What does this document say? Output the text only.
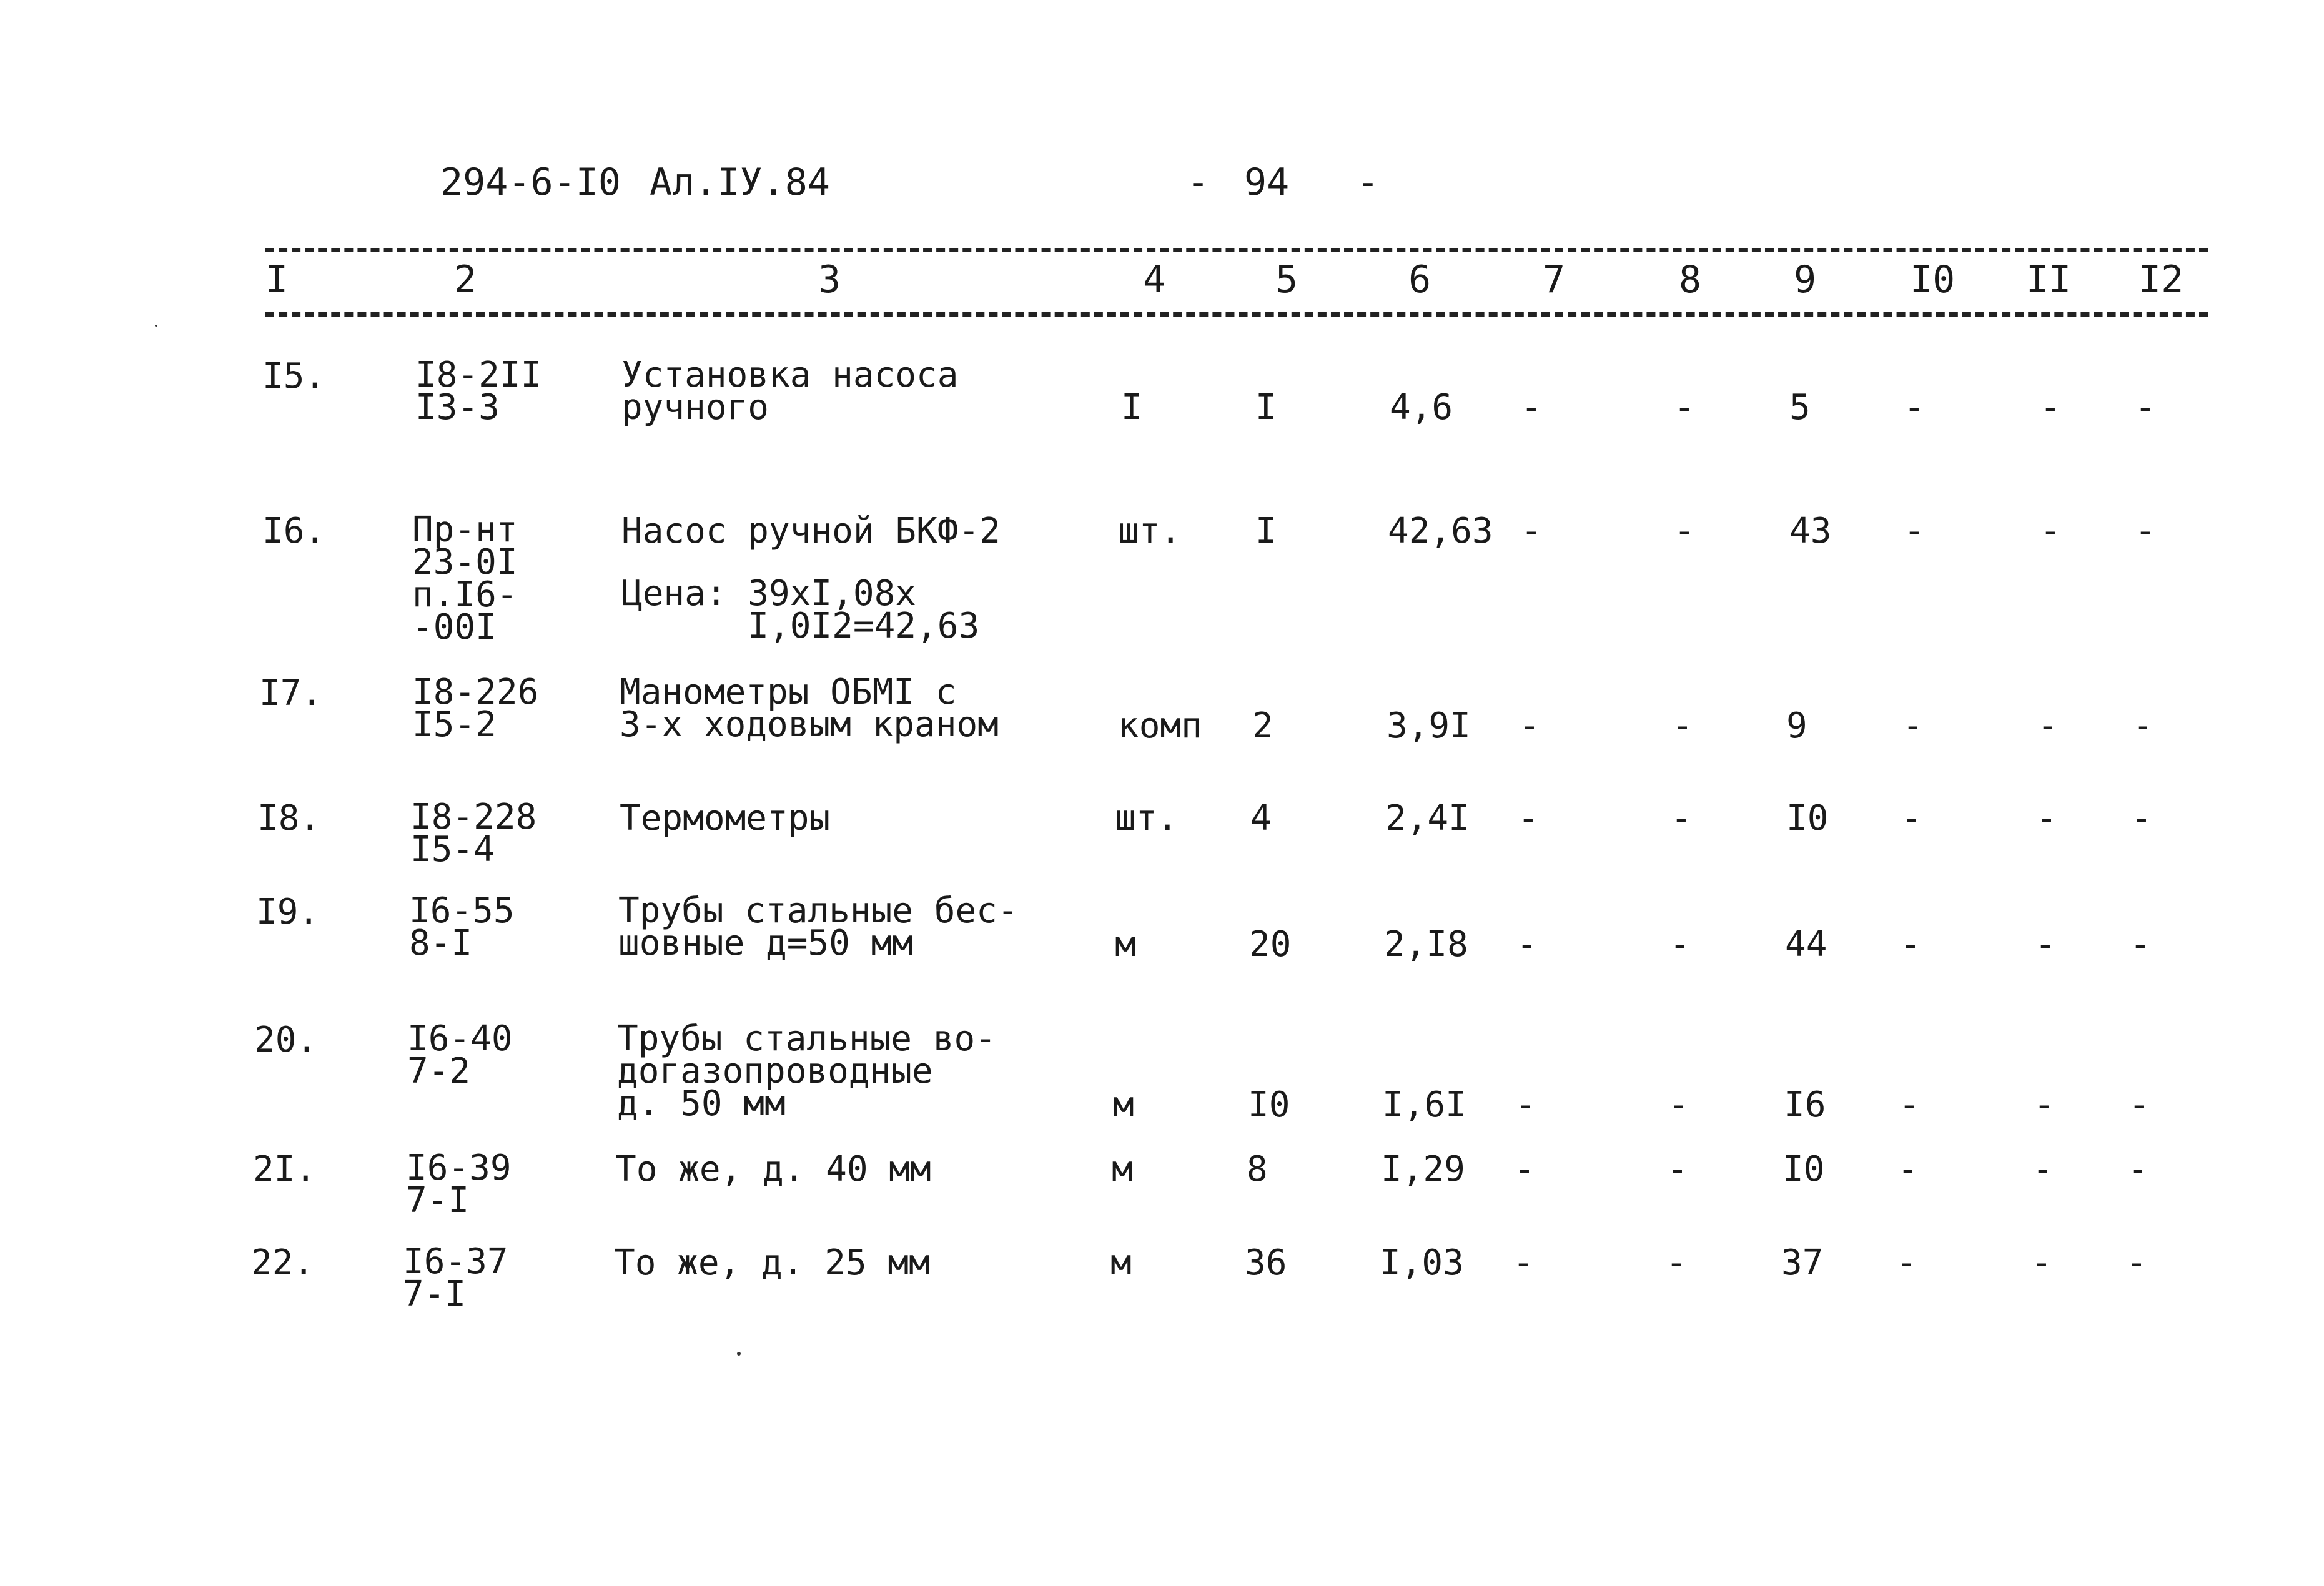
294-6-I0 Ал.IУ.84	- 94 -
I	2	3	4	5	6	7	8 9 I0 II I2
I5.	I8-2II
I3-3
Установка насоса
ручного	I	I	4,6 -	-	5	-	- -
I6. Пр-нт
23-0I
п.I6-
-00I
Насос ручной БКФ-2
Цена: 39xI,08x
I,0I2=42,63
шт. I	42,63 -	-	43 -	- -
I7.	I8-226
I5-2
Манометры ОБМI с
3-х ходовым краном	комп 2	3,9I -	-	9	-	- -
I8.	I8-228
I5-4
Термометры	шт. 4	2,4I -	-	I0 -	- -
I9.	I6-55
8-I
Трубы стальные бес-
шовные д=50 мм	м	20	2,I8 -	-	44 -	- -
20.	I6-40
7-2
Трубы стальные во-
догазопроводные
д. 50 мм	м	I0	I,6I -	-	I6 -	- -
2I.	I6-39
7-I
То же, д. 40 мм	м	8	I,29 -	-	I0 -	- -
22.	I6-37
7-I
То же, д. 25 мм	м	36	I,03 -	-	37 -	- -
